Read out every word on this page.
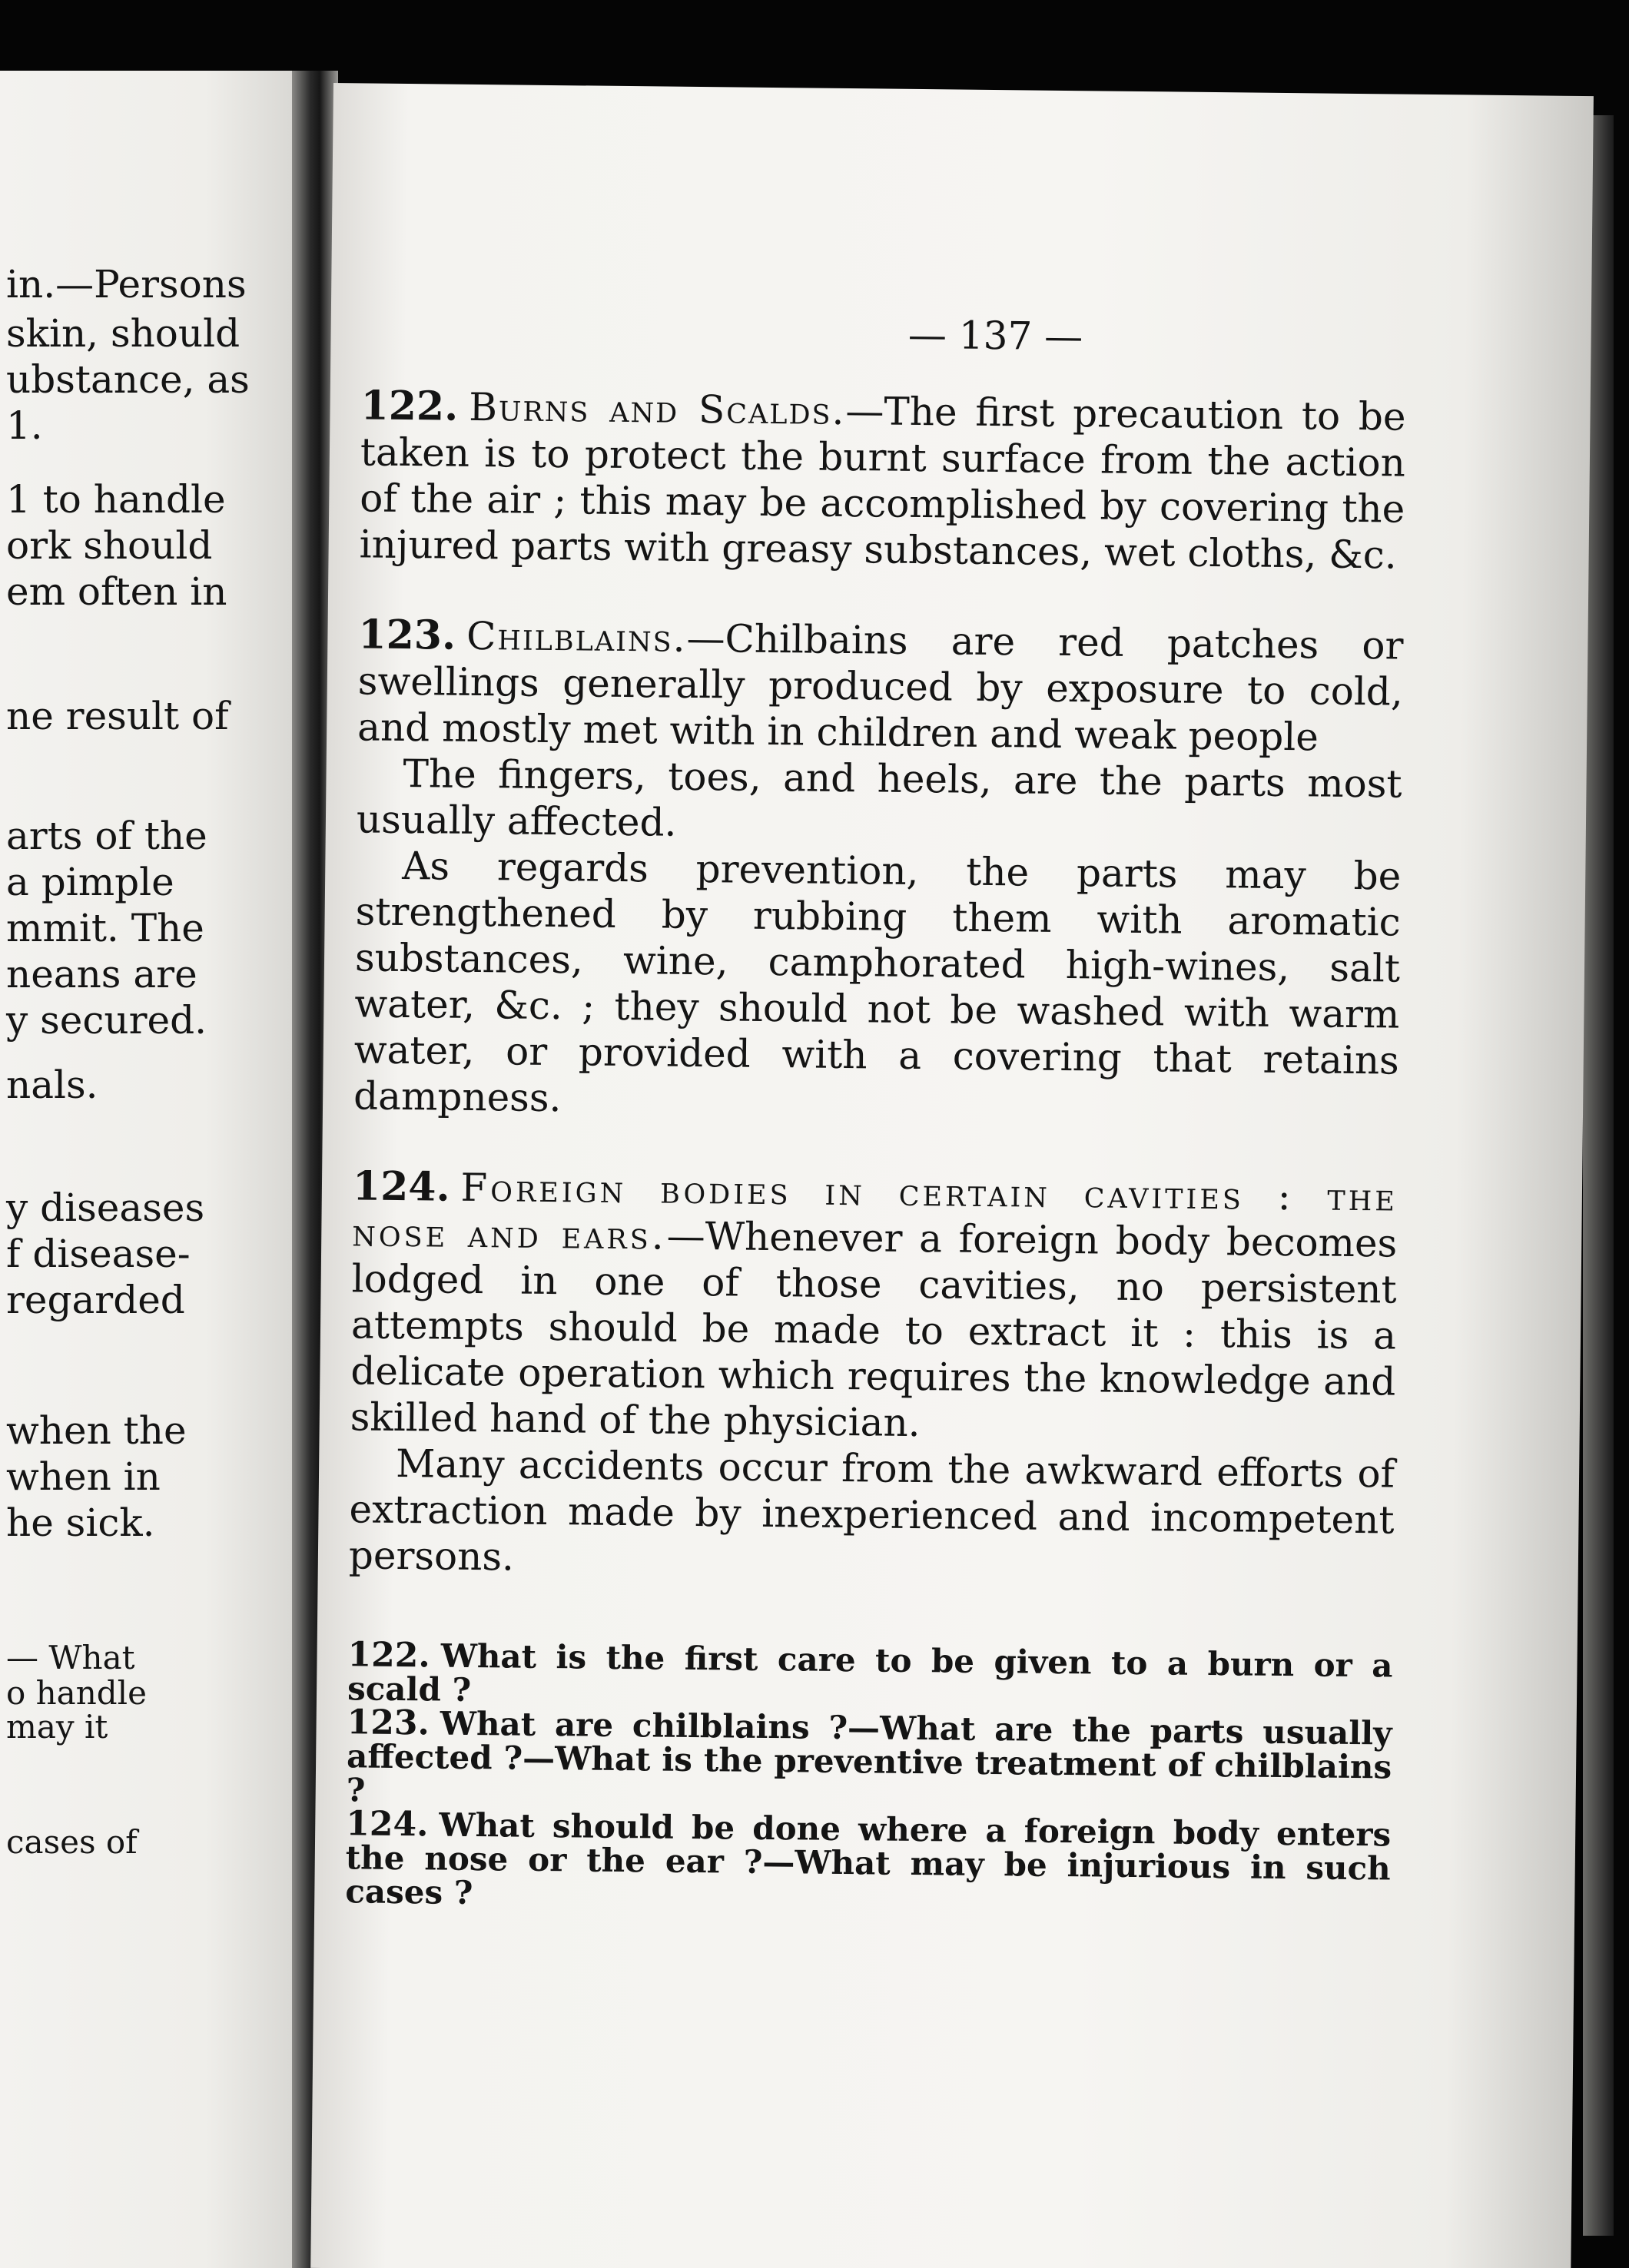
in.—Persons

skin, should

ubstance, as

1.

1 to handle

ork should

em often in

ne result of

arts of the

a pimple

mmit. The

neans are

y secured.

nals.

y diseases

f disease-

regarded

when the

when in

he sick.

— What

o handle

may it

cases of

— 137 —

122. Burns and Scalds.—The first precaution to be taken is to protect the burnt surface from the action of the air ; this may be accomplished by covering the injured parts with greasy substances, wet cloths, &c.

123. Chilblains.—Chilbains are red patches or swellings generally produced by exposure to cold, and mostly met with in children and weak people

The fingers, toes, and heels, are the parts most usually affected.

As regards prevention, the parts may be strengthened by rubbing them with aromatic substances, wine, camphorated high-wines, salt water, &c. ; they should not be washed with warm water, or provided with a covering that retains dampness.

124. Foreign bodies in certain cavities : the nose and ears.—Whenever a foreign body becomes lodged in one of those cavities, no persistent attempts should be made to extract it : this is a delicate operation which requires the knowledge and skilled hand of the physician.

Many accidents occur from the awkward efforts of extraction made by inexperienced and incompetent persons.

122. What is the first care to be given to a burn or a scald ?

123. What are chilblains ?—What are the parts usually affected ?—What is the preventive treatment of chilblains ?

124. What should be done where a foreign body enters the nose or the ear ?—What may be injurious in such cases ?
